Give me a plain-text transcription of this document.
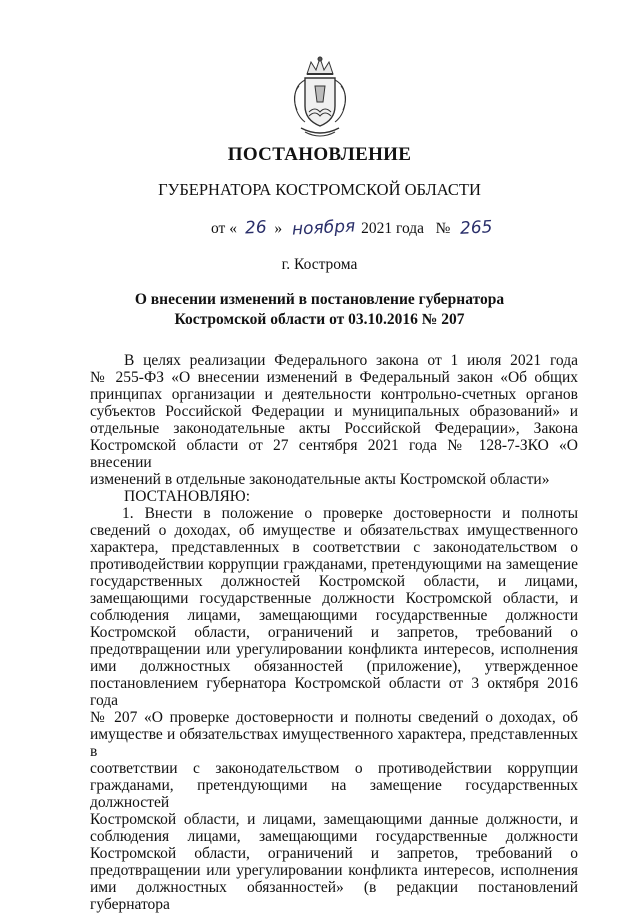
ПОСТАНОВЛЕНИЕ
ГУБЕРНАТОРА КОСТРОМСКОЙ ОБЛАСТИ
от « 26 » ноября 2021 года № 265
г. Кострома
О внесении изменений в постановление губернатора
Костромской области от 03.10.2016 № 207
В целях реализации Федерального закона от 1 июля 2021 года
№ 255-ФЗ «О внесении изменений в Федеральный закон «Об общих
принципах организации и деятельности контрольно-счетных органов
субъектов Российской Федерации и муниципальных образований» и
отдельные законодательные акты Российской Федерации», Закона
Костромской области от 27 сентября 2021 года № 128-7-ЗКО «О внесении
изменений в отдельные законодательные акты Костромской области»
ПОСТАНОВЛЯЮ:
1. Внести в положение о проверке достоверности и полноты
сведений о доходах, об имуществе и обязательствах имущественного
характера, представленных в соответствии с законодательством о
противодействии коррупции гражданами, претендующими на замещение
государственных должностей Костромской области, и лицами,
замещающими государственные должности Костромской области, и
соблюдения лицами, замещающими государственные должности
Костромской области, ограничений и запретов, требований о
предотвращении или урегулировании конфликта интересов, исполнения
ими должностных обязанностей (приложение), утвержденное
постановлением губернатора Костромской области от 3 октября 2016 года
№ 207 «О проверке достоверности и полноты сведений о доходах, об
имуществе и обязательствах имущественного характера, представленных в
соответствии с законодательством о противодействии коррупции
гражданами, претендующими на замещение государственных должностей
Костромской области, и лицами, замещающими данные должности, и
соблюдения лицами, замещающими государственные должности
Костромской области, ограничений и запретов, требований о
предотвращении или урегулировании конфликта интересов, исполнения
ими должностных обязанностей» (в редакции постановлений губернатора
